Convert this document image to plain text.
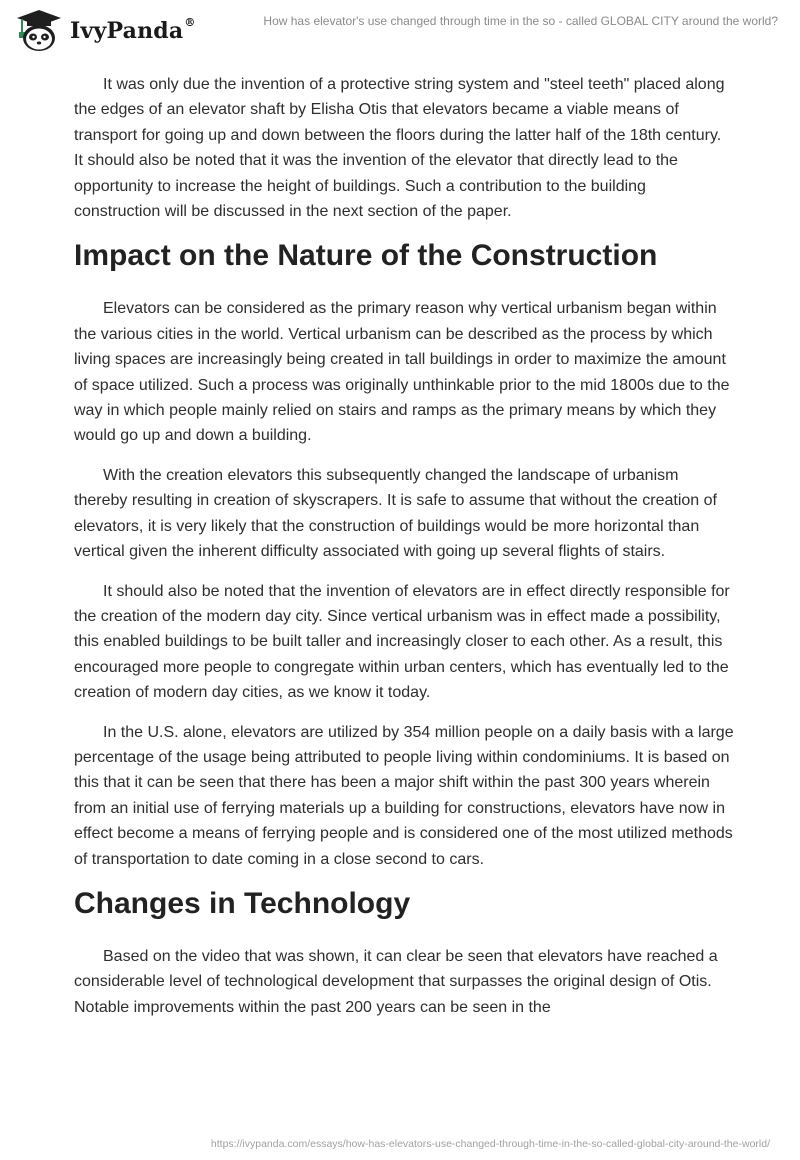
IvyPanda®	How has elevator's use changed through time in the so - called GLOBAL CITY around the world?

It was only due the invention of a protective string system and "steel teeth" placed along the edges of an elevator shaft by Elisha Otis that elevators became a viable means of transport for going up and down between the floors during the latter half of the 18th century. It should also be noted that it was the invention of the elevator that directly lead to the opportunity to increase the height of buildings. Such a contribution to the building construction will be discussed in the next section of the paper.

Impact on the Nature of the Construction

Elevators can be considered as the primary reason why vertical urbanism began within the various cities in the world. Vertical urbanism can be described as the process by which living spaces are increasingly being created in tall buildings in order to maximize the amount of space utilized. Such a process was originally unthinkable prior to the mid 1800s due to the way in which people mainly relied on stairs and ramps as the primary means by which they would go up and down a building.

With the creation elevators this subsequently changed the landscape of urbanism thereby resulting in creation of skyscrapers. It is safe to assume that without the creation of elevators, it is very likely that the construction of buildings would be more horizontal than vertical given the inherent difficulty associated with going up several flights of stairs.

It should also be noted that the invention of elevators are in effect directly responsible for the creation of the modern day city. Since vertical urbanism was in effect made a possibility, this enabled buildings to be built taller and increasingly closer to each other. As a result, this encouraged more people to congregate within urban centers, which has eventually led to the creation of modern day cities, as we know it today.

In the U.S. alone, elevators are utilized by 354 million people on a daily basis with a large percentage of the usage being attributed to people living within condominiums. It is based on this that it can be seen that there has been a major shift within the past 300 years wherein from an initial use of ferrying materials up a building for constructions, elevators have now in effect become a means of ferrying people and is considered one of the most utilized methods of transportation to date coming in a close second to cars.

Changes in Technology

Based on the video that was shown, it can clear be seen that elevators have reached a considerable level of technological development that surpasses the original design of Otis. Notable improvements within the past 200 years can be seen in the

https://ivypanda.com/essays/how-has-elevators-use-changed-through-time-in-the-so-called-global-city-around-the-world/
